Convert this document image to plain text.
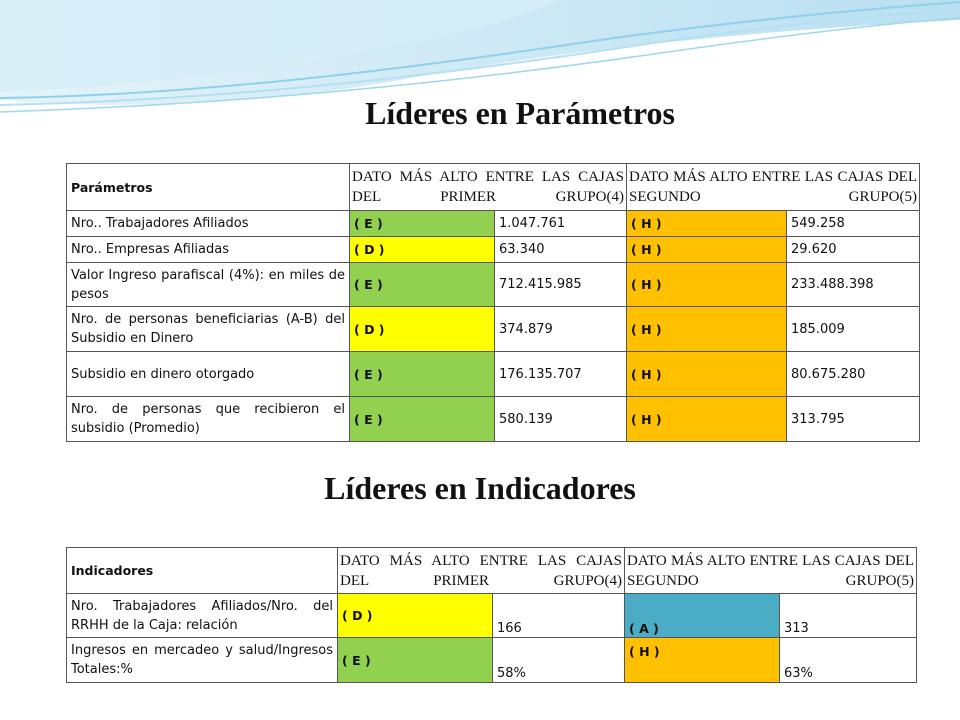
Líderes en Parámetros
Parámetros	DATO MÁS ALTO ENTRE LAS CAJAS DEL PRIMER GRUPO(4)		DATO MÁS ALTO ENTRE LAS CAJAS DEL SEGUNDO GRUPO(5)	
Nro.. Trabajadores Afiliados	( E )	1.047.761	( H )	549.258
Nro.. Empresas Afiliadas	( D )	63.340	( H )	29.620
Valor Ingreso parafiscal (4%): en miles de pesos	( E )	712.415.985	( H )	233.488.398
Nro. de personas beneficiarias (A-B) del Subsidio en Dinero	( D )	374.879	( H )	185.009
Subsidio en dinero otorgado	( E )	176.135.707	( H )	80.675.280
Nro. de personas que recibieron el subsidio (Promedio)	( E )	580.139	( H )	313.795
Líderes en Indicadores
Indicadores	DATO MÁS ALTO ENTRE LAS CAJAS DEL PRIMER GRUPO(4)		DATO MÁS ALTO ENTRE LAS CAJAS DEL SEGUNDO GRUPO(5)	
Nro. Trabajadores Afiliados/Nro. del RRHH de la Caja: relación	( D )	166	( A )	313
Ingresos en mercadeo y salud/Ingresos Totales:%	( E )	58%	( H )	63%
